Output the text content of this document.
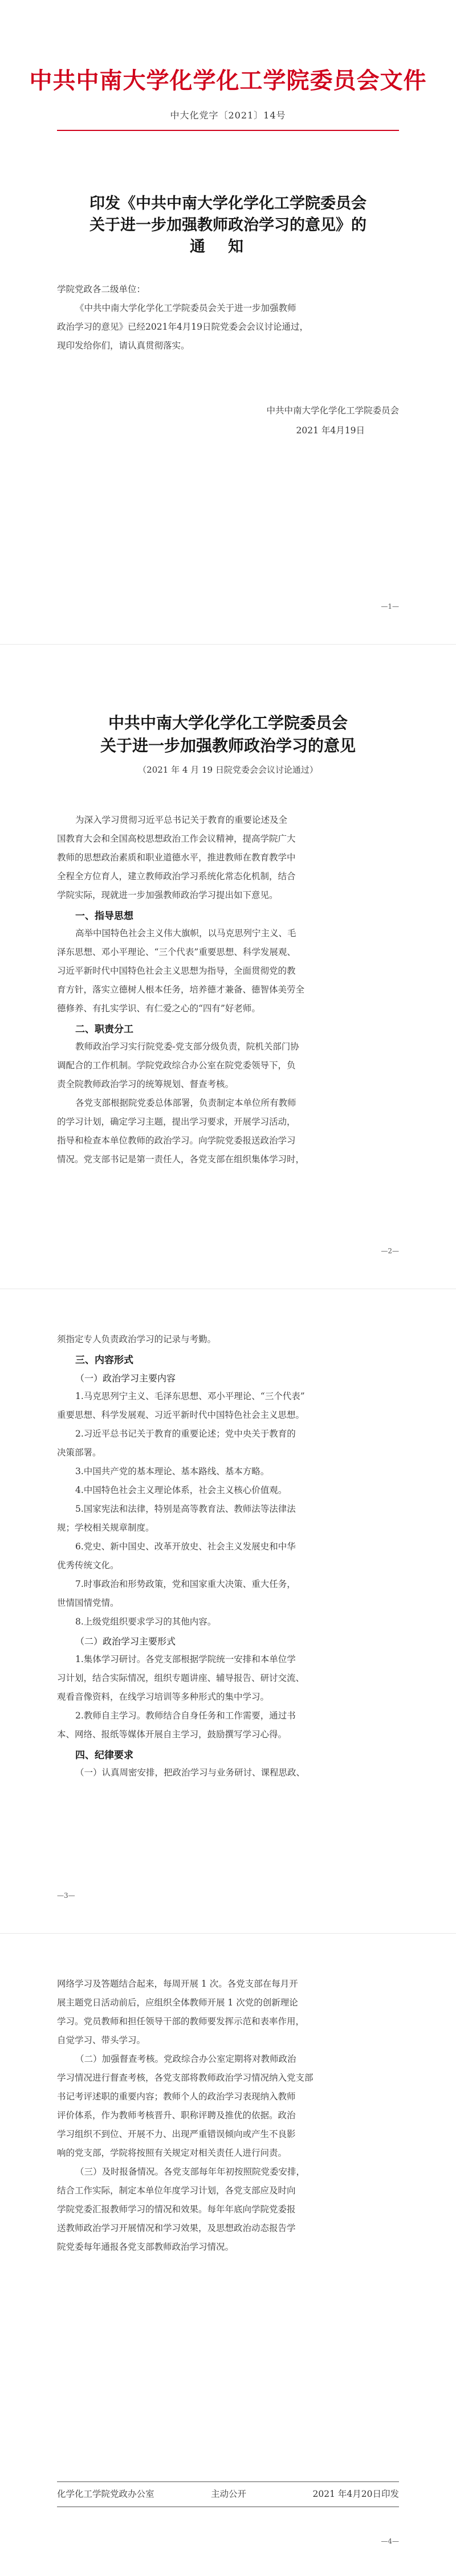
中共中南大学化学化工学院委员会文件
中大化党字〔2021〕14号
印发《中共中南大学化学化工学院委员会
关于进一步加强教师政治学习的意见》的
通知
学院党政各二级单位：
《中共中南大学化学化工学院委员会关于进一步加强教师
政治学习的意见》已经2021年4月19日院党委会会议讨论通过，
现印发给你们，请认真贯彻落实。
中共中南大学化学化工学院委员会
2021 年4月19日
—1—
中共中南大学化学化工学院委员会
关于进一步加强教师政治学习的意见
（2021 年 4 月 19 日院党委会会议讨论通过）
为深入学习贯彻习近平总书记关于教育的重要论述及全
国教育大会和全国高校思想政治工作会议精神，提高学院广大
教师的思想政治素质和职业道德水平，推进教师在教育教学中
全程全方位育人，建立教师政治学习系统化常态化机制，结合
学院实际，现就进一步加强教师政治学习提出如下意见。
一、指导思想
高举中国特色社会主义伟大旗帜，以马克思列宁主义、毛
泽东思想、邓小平理论、“三个代表”重要思想、科学发展观、
习近平新时代中国特色社会主义思想为指导，全面贯彻党的教
育方针，落实立德树人根本任务，培养德才兼备、德智体美劳全
德修养、有扎实学识、有仁爱之心的“四有”好老师。
二、职责分工
教师政治学习实行院党委-党支部分级负责，院机关部门协
调配合的工作机制。学院党政综合办公室在院党委领导下，负
责全院教师政治学习的统筹规划、督查考核。
各党支部根据院党委总体部署，负责制定本单位所有教师
的学习计划，确定学习主题，提出学习要求，开展学习活动，
指导和检查本单位教师的政治学习。向学院党委报送政治学习
情况。党支部书记是第一责任人，各党支部在组织集体学习时，
—2—
须指定专人负责政治学习的记录与考勤。
三、内容形式
（一）政治学习主要内容
1.马克思列宁主义、毛泽东思想、邓小平理论、“三个代表”
重要思想、科学发展观、习近平新时代中国特色社会主义思想。
2.习近平总书记关于教育的重要论述；党中央关于教育的
决策部署。
3.中国共产党的基本理论、基本路线、基本方略。
4.中国特色社会主义理论体系，社会主义核心价值观。
5.国家宪法和法律，特别是高等教育法、教师法等法律法
规；学校相关规章制度。
6.党史、新中国史、改革开放史、社会主义发展史和中华
优秀传统文化。
7.时事政治和形势政策，党和国家重大决策、重大任务，
世情国情党情。
8.上级党组织要求学习的其他内容。
（二）政治学习主要形式
1.集体学习研讨。各党支部根据学院统一安排和本单位学
习计划，结合实际情况，组织专题讲座、辅导报告、研讨交流、
观看音像资料，在线学习培训等多种形式的集中学习。
2.教师自主学习。教师结合自身任务和工作需要，通过书
本、网络、报纸等媒体开展自主学习，鼓励撰写学习心得。
四、纪律要求
（一）认真周密安排，把政治学习与业务研讨、课程思政、
—3—
网络学习及答题结合起来，每周开展 1 次。各党支部在每月开
展主题党日活动前后，应组织全体教师开展 1 次党的创新理论
学习。党员教师和担任领导干部的教师要发挥示范和表率作用，
自觉学习、带头学习。
（二）加强督查考核。党政综合办公室定期将对教师政治
学习情况进行督查考核，各党支部将教师政治学习情况纳入党支部
书记考评述职的重要内容；教师个人的政治学习表现纳入教师
评价体系，作为教师考核晋升、职称评聘及推优的依据。政治
学习组织不到位、开展不力、出现严重错误倾向或产生不良影
响的党支部，学院将按照有关规定对相关责任人进行问责。
（三）及时报备情况。各党支部每年年初按照院党委安排，
结合工作实际，制定本单位年度学习计划，各党支部应及时向
学院党委汇报教师学习的情况和效果。每年年底向学院党委报
送教师政治学习开展情况和学习效果，及思想政治动态报告学
院党委每年通报各党支部教师政治学习情况。
化学化工学院党政办公室	主动公开	2021 年4月20日印发
—4—
